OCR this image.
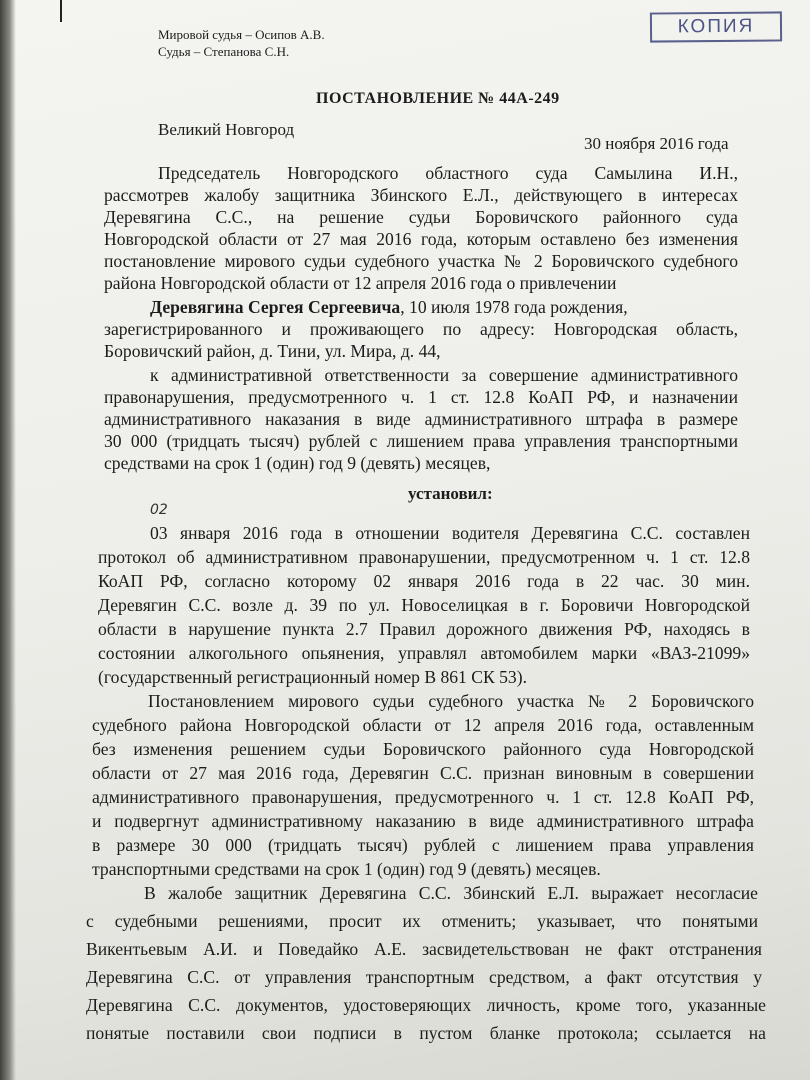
КОПИЯ
Мировой судья – Осипов А.В.
Судья – Степанова С.Н.
ПОСТАНОВЛЕНИЕ № 44А-249
Великий Новгород
30 ноября 2016 года
Председатель Новгородского областного суда Самылина И.Н.,
рассмотрев жалобу защитника Збинского Е.Л., действующего в интересах
Деревягина С.С., на решение судьи Боровичского районного суда
Новгородской области от 27 мая 2016 года, которым оставлено без изменения
постановление мирового судьи судебного участка № 2 Боровичского судебного
района Новгородской области от 12 апреля 2016 года о привлечении
Деревягина Сергея Сергеевича, 10 июля 1978 года рождения,
зарегистрированного и проживающего по адресу: Новгородская область,
Боровичский район, д. Тини, ул. Мира, д. 44,
к административной ответственности за совершение административного
правонарушения, предусмотренного ч. 1 ст. 12.8 КоАП РФ, и назначении
административного наказания в виде административного штрафа в размере
30 000 (тридцать тысяч) рублей с лишением права управления транспортными
средствами на срок 1 (один) год 9 (девять) месяцев,
установил:
02
03 января 2016 года в отношении водителя Деревягина С.С. составлен
протокол об административном правонарушении, предусмотренном ч. 1 ст. 12.8
КоАП РФ, согласно которому 02 января 2016 года в 22 час. 30 мин.
Деревягин С.С. возле д. 39 по ул. Новоселицкая в г. Боровичи Новгородской
области в нарушение пункта 2.7 Правил дорожного движения РФ, находясь в
состоянии алкогольного опьянения, управлял автомобилем марки «ВАЗ-21099»
(государственный регистрационный номер В 861 СК 53).
Постановлением мирового судьи судебного участка № 2 Боровичского
судебного района Новгородской области от 12 апреля 2016 года, оставленным
без изменения решением судьи Боровичского районного суда Новгородской
области от 27 мая 2016 года, Деревягин С.С. признан виновным в совершении
административного правонарушения, предусмотренного ч. 1 ст. 12.8 КоАП РФ,
и подвергнут административному наказанию в виде административного штрафа
в размере 30 000 (тридцать тысяч) рублей с лишением права управления
транспортными средствами на срок 1 (один) год 9 (девять) месяцев.
В жалобе защитник Деревягина С.С. Збинский Е.Л. выражает несогласие
с судебными решениями, просит их отменить; указывает, что понятыми
Викентьевым А.И. и Поведайко А.Е. засвидетельствован не факт отстранения
Деревягина С.С. от управления транспортным средством, а факт отсутствия у
Деревягина С.С. документов, удостоверяющих личность, кроме того, указанные
понятые поставили свои подписи в пустом бланке протокола; ссылается на
